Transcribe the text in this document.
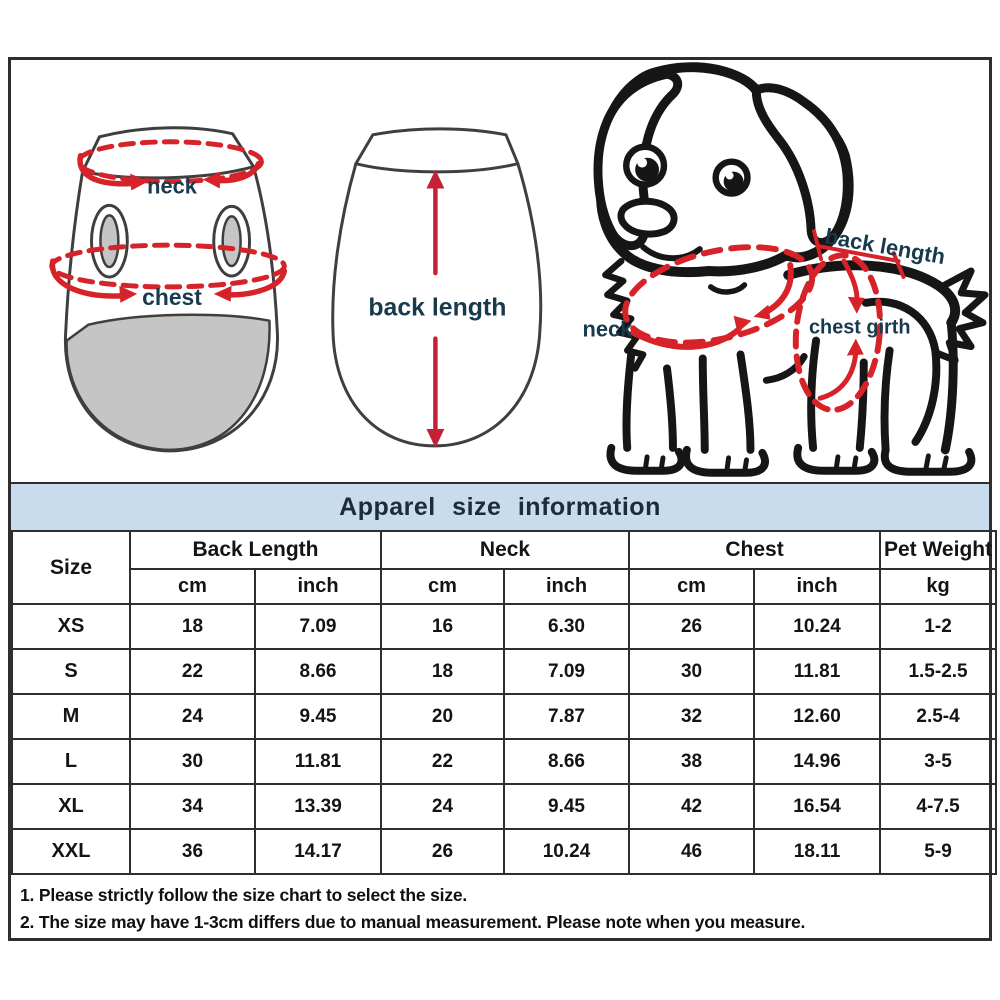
neck
chest	back length
back length
neck	chest girth
Apparel size information
Size	Back Length		Neck		Chest		Pet Weight
	cm	inch	cm	inch	cm	inch	kg
XS	18	7.09	16	6.30	26	10.24	1-2
S	22	8.66	18	7.09	30	11.81	1.5-2.5
M	24	9.45	20	7.87	32	12.60	2.5-4
L	30	11.81	22	8.66	38	14.96	3-5
XL	34	13.39	24	9.45	42	16.54	4-7.5
XXL	36	14.17	26	10.24	46	18.11	5-9
1. Please strictly follow the size chart to select the size.
2. The size may have 1-3cm differs due to manual measurement. Please note when you measure.
